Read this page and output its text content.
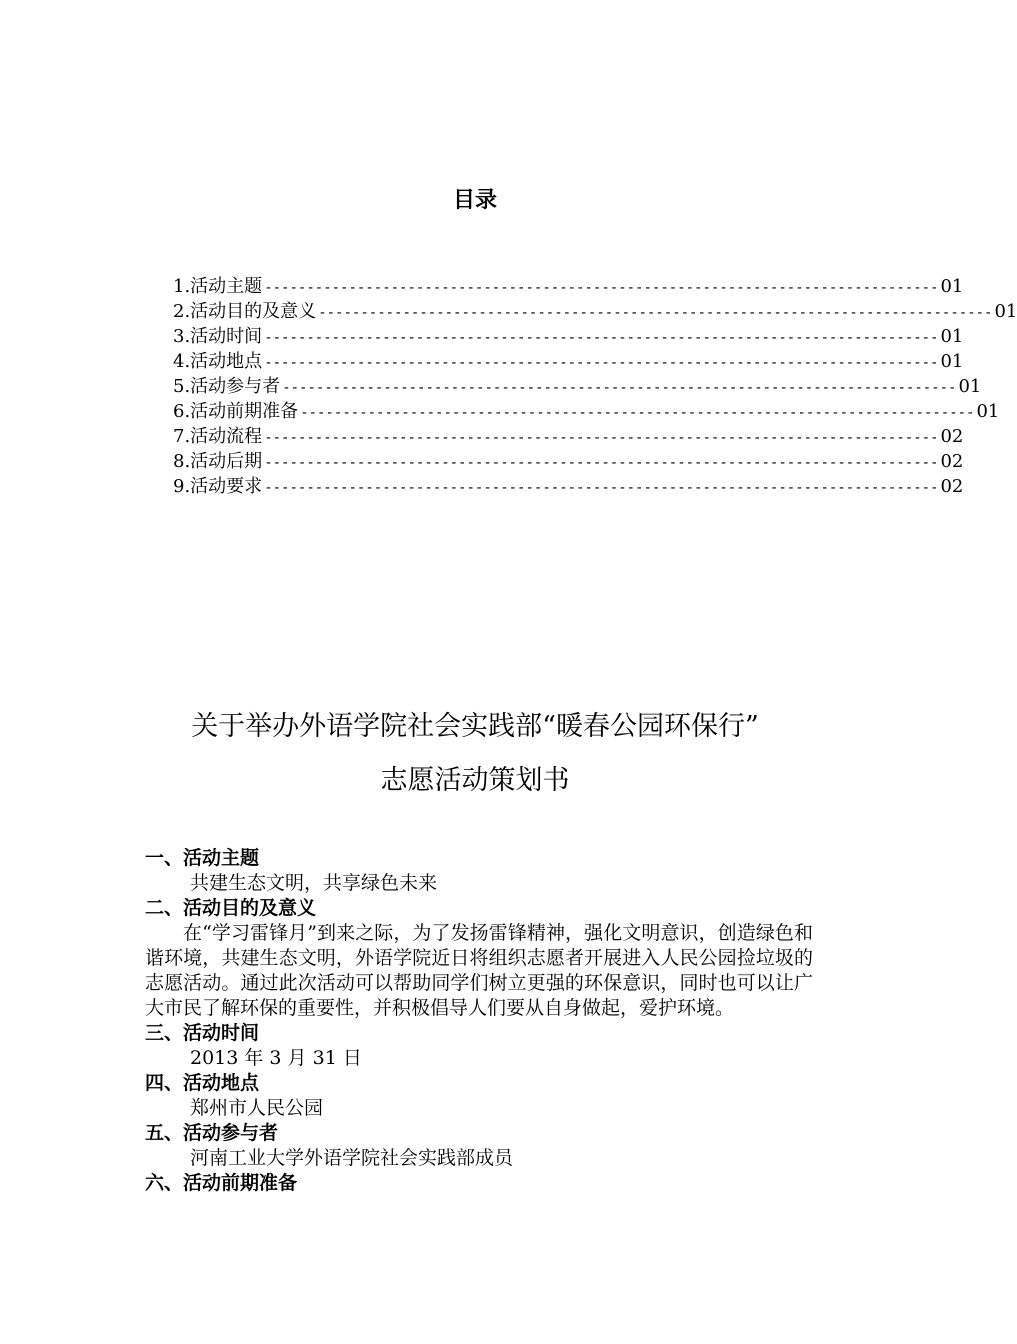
目录
1.活动主题 -------------------------------------------------------------------------------- 01
2.活动目的及意义 -------------------------------------------------------------------------------- 01
3.活动时间 -------------------------------------------------------------------------------- 01
4.活动地点 -------------------------------------------------------------------------------- 01
5.活动参与者 -------------------------------------------------------------------------------- 01
6.活动前期准备 -------------------------------------------------------------------------------- 01
7.活动流程 -------------------------------------------------------------------------------- 02
8.活动后期 -------------------------------------------------------------------------------- 02
9.活动要求 -------------------------------------------------------------------------------- 02
关于举办外语学院社会实践部“暖春公园环保行”
志愿活动策划书
一、活动主题
共建生态文明，共享绿色未来
二、活动目的及意义
在“学习雷锋月”到来之际，为了发扬雷锋精神，强化文明意识，创造绿色和谐环境，共建生态文明，外语学院近日将组织志愿者开展进入人民公园捡垃圾的志愿活动。通过此次活动可以帮助同学们树立更强的环保意识，同时也可以让广大市民了解环保的重要性，并积极倡导人们要从自身做起，爱护环境。
三、活动时间
2013 年 3 月 31 日
四、活动地点
郑州市人民公园
五、活动参与者
河南工业大学外语学院社会实践部成员
六、活动前期准备
